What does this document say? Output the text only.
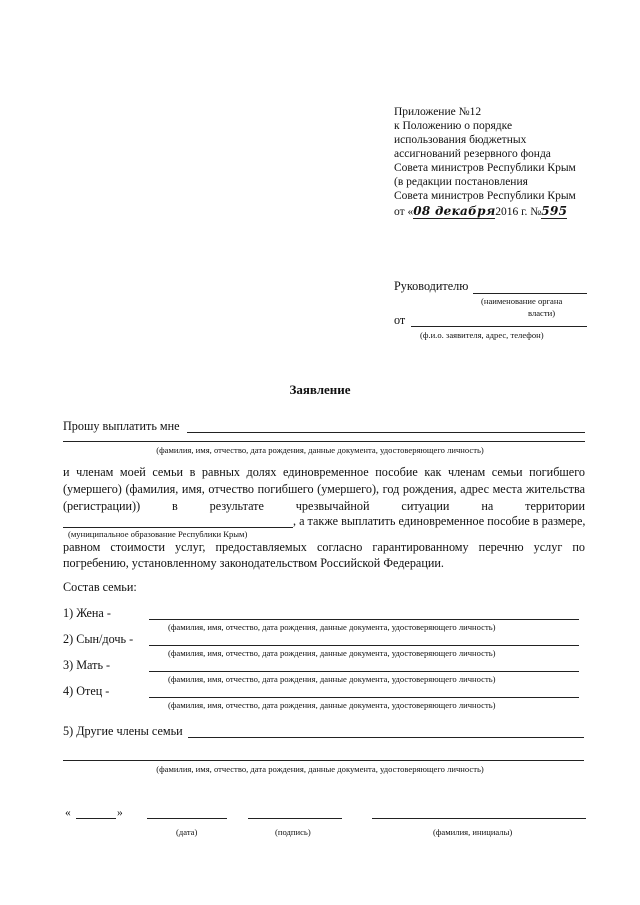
Приложение №12
к Положению о порядке
использования бюджетных
ассигнований резервного фонда
Совета министров Республики Крым
(в редакции постановления
Совета министров Республики Крым
от «08 декабря2016 г. №595
Руководителю
(наименование органа
власти)
от
(ф.и.о. заявителя, адрес, телефон)
Заявление
Прошу выплатить мне
(фамилия, имя, отчество, дата рождения, данные документа, удостоверяющего личность)
и членам моей семьи в равных долях единовременное пособие как членам семьи погибшего
(умершего) (фамилия, имя, отчество погибшего (умершего), год рождения, адрес места жительства
(регистрации))	в	результате	чрезвычайной	ситуации	на	территории
, а также выплатить единовременное пособие в размере,
(муниципальное образование Республики Крым)
равном стоимости услуг, предоставляемых согласно гарантированному перечню услуг по
погребению, установленному законодательством Российской Федерации.
Состав семьи:
1) Жена -
(фамилия, имя, отчество, дата рождения, данные документа, удостоверяющего личность)
2) Сын/дочь -
(фамилия, имя, отчество, дата рождения, данные документа, удостоверяющего личность)
3) Мать -
(фамилия, имя, отчество, дата рождения, данные документа, удостоверяющего личность)
4) Отец -
(фамилия, имя, отчество, дата рождения, данные документа, удостоверяющего личность)
5) Другие члены семьи
(фамилия, имя, отчество, дата рождения, данные документа, удостоверяющего личность)
«	»
(дата)	(подпись)	(фамилия, инициалы)
